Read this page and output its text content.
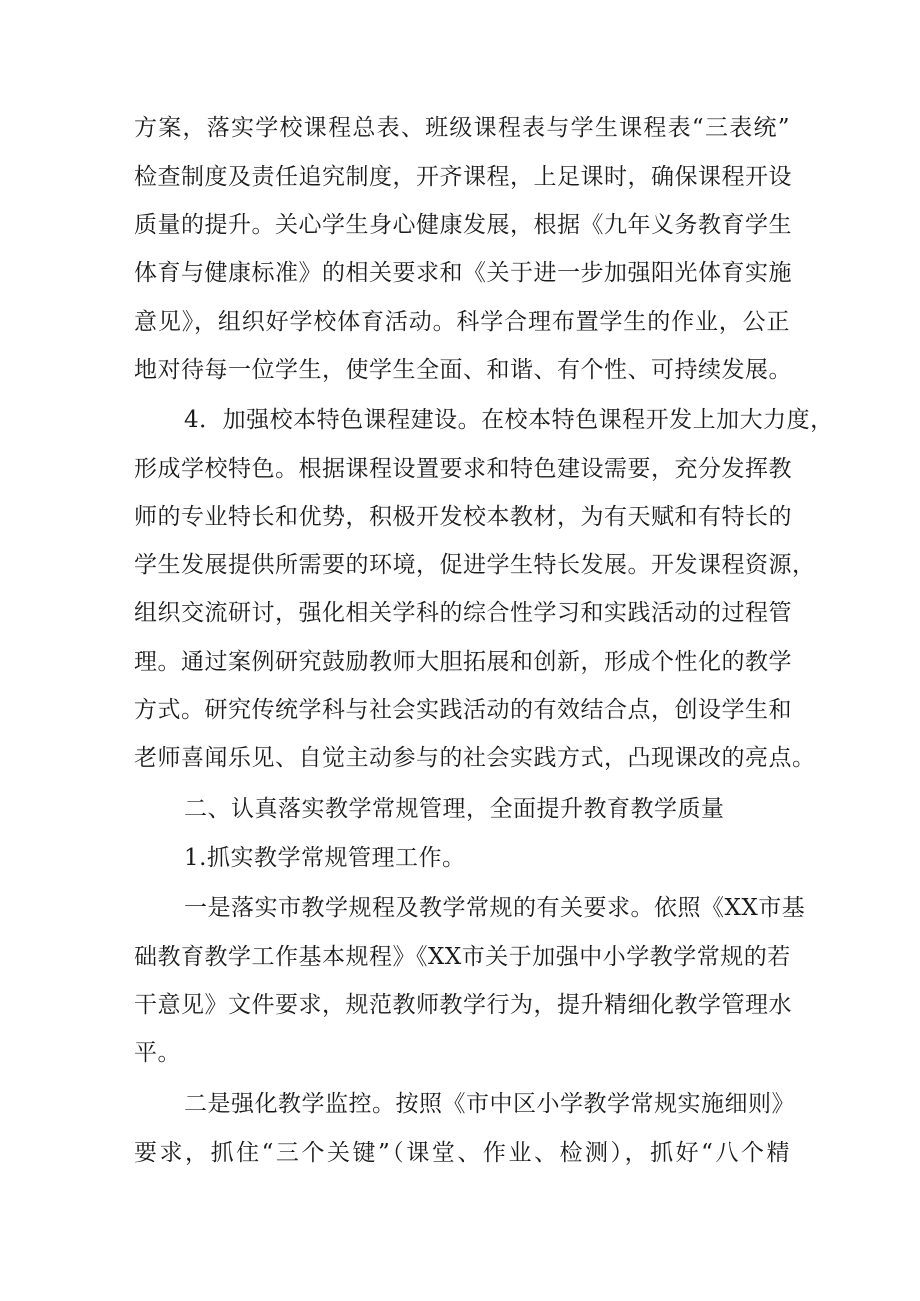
方案，落实学校课程总表、班级课程表与学生课程表“三表统”
检查制度及责任追究制度，开齐课程，上足课时，确保课程开设
质量的提升。关心学生身心健康发展，根据《九年义务教育学生
体育与健康标准》的相关要求和《关于进一步加强阳光体育实施
意见》，组织好学校体育活动。科学合理布置学生的作业，公正
地对待每一位学生，使学生全面、和谐、有个性、可持续发展。
4．加强校本特色课程建设。在校本特色课程开发上加大力度，
形成学校特色。根据课程设置要求和特色建设需要，充分发挥教
师的专业特长和优势，积极开发校本教材，为有天赋和有特长的
学生发展提供所需要的环境，促进学生特长发展。开发课程资源，
组织交流研讨，强化相关学科的综合性学习和实践活动的过程管
理。通过案例研究鼓励教师大胆拓展和创新，形成个性化的教学
方式。研究传统学科与社会实践活动的有效结合点，创设学生和
老师喜闻乐见、自觉主动参与的社会实践方式，凸现课改的亮点。
二、认真落实教学常规管理，全面提升教育教学质量
1.抓实教学常规管理工作。
一是落实市教学规程及教学常规的有关要求。依照《XX市基
础教育教学工作基本规程》《XX市关于加强中小学教学常规的若
干意见》文件要求，规范教师教学行为，提升精细化教学管理水
平。
二是强化教学监控。按照《市中区小学教学常规实施细则》
要求，抓住“三个关键”（课堂、作业、检测），抓好“八个精
